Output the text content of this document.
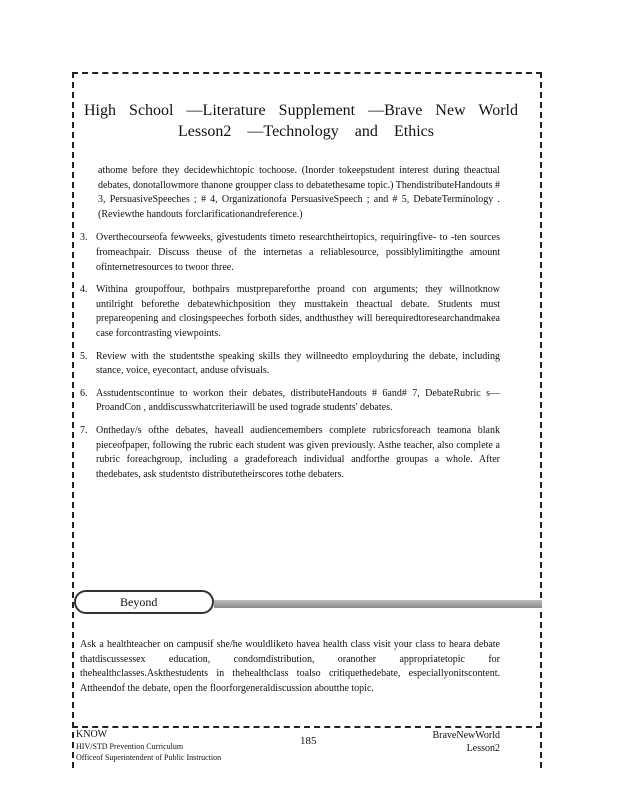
High School —Literature Supplement —Brave New World
Lesson2 —Technology and Ethics

athome before they decidewhichtopic tochoose. (Inorder tokeepstudent interest during theactual debates, donotallowmore thanone groupper class to debatethesame topic.) ThendistributeHandouts # 3, PersuasiveSpeeches ; # 4, Organizationofa PersuasiveSpeech ; and # 5, DebateTerminology . (Reviewthe handouts forclarificationandreference.)

3. Overthecourseofa fewweeks, givestudents timeto researchtheirtopics, requiringfive- to -ten sources fromeachpair. Discuss theuse of the internetas a reliablesource, possiblylimitingthe amount ofinternetresources to twoor three.
4. Withina groupoffour, bothpairs mustprepareforthe proand con arguments; they willnotknow untilright beforethe debatewhichposition they musttakein theactual debate. Students must prepareopening and closingspeeches forboth sides, andthusthey will berequiredtoresearchandmakea case forcontrasting viewpoints.
5. Review with the studentsthe speaking skills they willneedto employduring the debate, including stance, voice, eyecontact, anduse ofvisuals.
6. Asstudentscontinue to workon their debates, distributeHandouts # 6and# 7, DebateRubric s—ProandCon , anddiscusswhatcriteriawill be used tograde students' debates.
7. Ontheday/s ofthe debates, haveall audiencemembers complete rubricsforeach teamona blank pieceofpaper, following the rubric each student was given previously. Asthe teacher, also complete a rubric foreachgroup, including a gradeforeach individual andforthe groupas a whole. After thedebates, ask studentsto distributetheirscores tothe debaters.
Beyond

Ask a healthteacher on campusif she/he wouldliketo havea health class visit your class to heara debate thatdiscussessex education, condomdistribution, oranother appropriatetopic for thehealthclasses.Askthestudents in thehealthclass toalso critiquethedebate, especiallyonitscontent. Attheendof the debate, open the floorforgeneraldiscussion aboutthe topic.

KNOW
HIV/STD Prevention Curriculum
Officeof Superintendent of Public Instruction
185	BraveNewWorld
Lesson2
